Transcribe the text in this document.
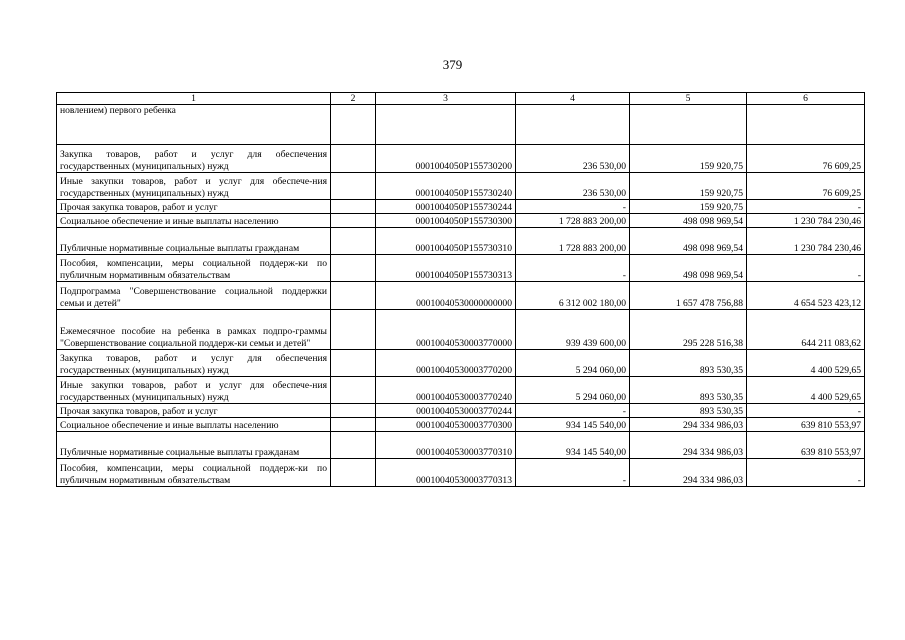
379
1	2	3	4	5	6
новлением) первого ребенка					
Закупка товаров, работ и услуг для обеспечения государственных (муниципальных) нужд		0001004050P155730200	236 530,00	159 920,75	76 609,25
Иные закупки товаров, работ и услуг для обеспече-ния государственных (муниципальных) нужд		0001004050P155730240	236 530,00	159 920,75	76 609,25
Прочая закупка товаров, работ и услуг		0001004050P155730244	-	159 920,75	-
Социальное обеспечение и иные выплаты населению		0001004050P155730300	1 728 883 200,00	498 098 969,54	1 230 784 230,46
Публичные нормативные социальные выплаты гражданам		0001004050P155730310	1 728 883 200,00	498 098 969,54	1 230 784 230,46
Пособия, компенсации, меры социальной поддерж-ки по публичным нормативным обязательствам		0001004050P155730313	-	498 098 969,54	-
Подпрограмма "Совершенствование социальной поддержки семьи и детей"		00010040530000000000	6 312 002 180,00	1 657 478 756,88	4 654 523 423,12
Ежемесячное пособие на ребенка в рамках подпро-граммы "Совершенствование социальной поддерж-ки семьи и детей"		00010040530003770000	939 439 600,00	295 228 516,38	644 211 083,62
Закупка товаров, работ и услуг для обеспечения государственных (муниципальных) нужд		00010040530003770200	5 294 060,00	893 530,35	4 400 529,65
Иные закупки товаров, работ и услуг для обеспече-ния государственных (муниципальных) нужд		00010040530003770240	5 294 060,00	893 530,35	4 400 529,65
Прочая закупка товаров, работ и услуг		00010040530003770244	-	893 530,35	-
Социальное обеспечение и иные выплаты населению		00010040530003770300	934 145 540,00	294 334 986,03	639 810 553,97
Публичные нормативные социальные выплаты гражданам		00010040530003770310	934 145 540,00	294 334 986,03	639 810 553,97
Пособия, компенсации, меры социальной поддерж-ки по публичным нормативным обязательствам		00010040530003770313	-	294 334 986,03	-
